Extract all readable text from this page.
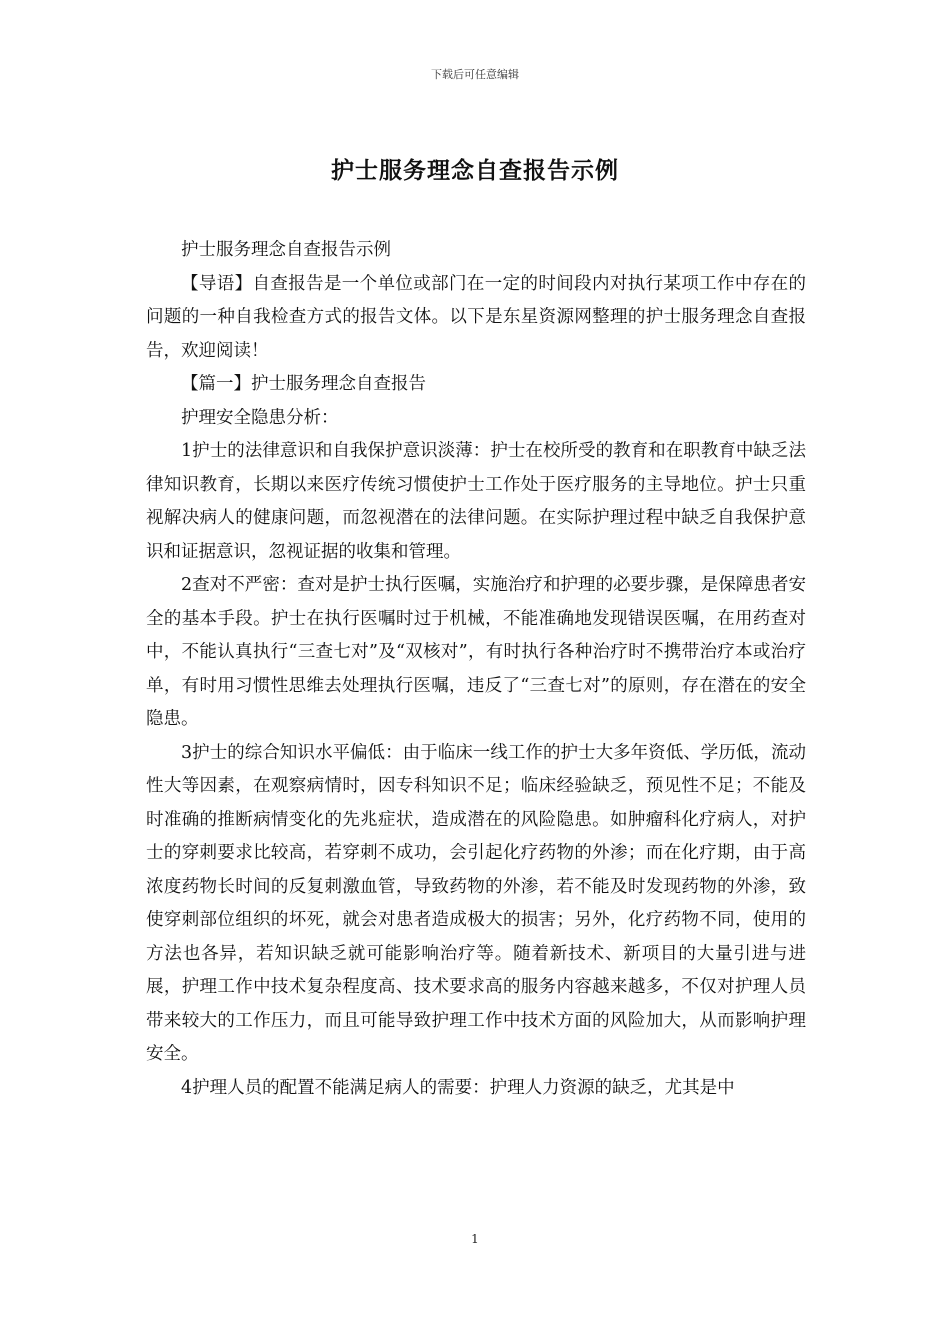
下载后可任意编辑
护士服务理念自查报告示例

护士服务理念自查报告示例

【导语】自查报告是一个单位或部门在一定的时间段内对执行某项工作中存在的问题的一种自我检查方式的报告文体。以下是东星资源网整理的护士服务理念自查报告，欢迎阅读！

【篇一】护士服务理念自查报告

护理安全隐患分析：

1护士的法律意识和自我保护意识淡薄：护士在校所受的教育和在职教育中缺乏法律知识教育，长期以来医疗传统习惯使护士工作处于医疗服务的主导地位。护士只重视解决病人的健康问题，而忽视潜在的法律问题。在实际护理过程中缺乏自我保护意识和证据意识，忽视证据的收集和管理。

2查对不严密：查对是护士执行医嘱，实施治疗和护理的必要步骤，是保障患者安全的基本手段。护士在执行医嘱时过于机械，不能准确地发现错误医嘱，在用药查对中，不能认真执行“三查七对”及“双核对”，有时执行各种治疗时不携带治疗本或治疗单，有时用习惯性思维去处理执行医嘱，违反了“三查七对”的原则，存在潜在的安全隐患。

3护士的综合知识水平偏低：由于临床一线工作的护士大多年资低、学历低，流动性大等因素，在观察病情时，因专科知识不足；临床经验缺乏，预见性不足；不能及时准确的推断病情变化的先兆症状，造成潜在的风险隐患。如肿瘤科化疗病人，对护士的穿刺要求比较高，若穿刺不成功，会引起化疗药物的外渗；而在化疗期，由于高浓度药物长时间的反复刺激血管，导致药物的外渗，若不能及时发现药物的外渗，致使穿刺部位组织的坏死，就会对患者造成极大的损害；另外，化疗药物不同，使用的方法也各异，若知识缺乏就可能影响治疗等。随着新技术、新项目的大量引进与进展，护理工作中技术复杂程度高、技术要求高的服务内容越来越多，不仅对护理人员带来较大的工作压力，而且可能导致护理工作中技术方面的风险加大，从而影响护理安全。

4护理人员的配置不能满足病人的需要：护理人力资源的缺乏，尤其是中

1
